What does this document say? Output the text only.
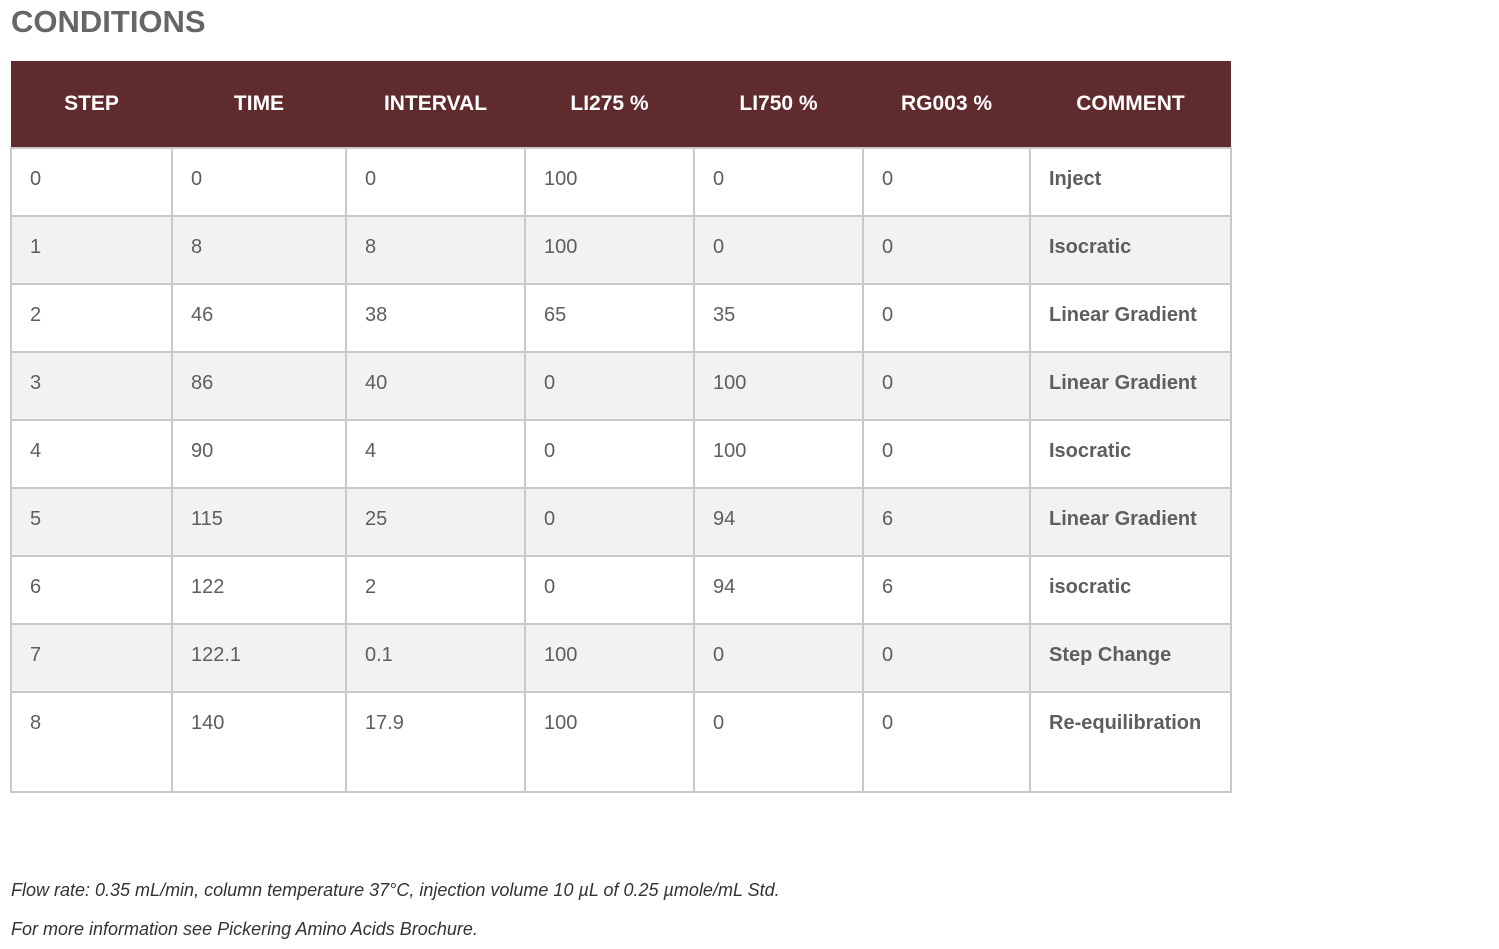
CONDITIONS
STEP	TIME	INTERVAL	LI275 %	LI750 %	RG003 %	COMMENT
0	0	0	100	0	0	Inject
1	8	8	100	0	0	Isocratic
2	46	38	65	35	0	Linear Gradient
3	86	40	0	100	0	Linear Gradient
4	90	4	0	100	0	Isocratic
5	115	25	0	94	6	Linear Gradient
6	122	2	0	94	6	isocratic
7	122.1	0.1	100	0	0	Step Change
8	140	17.9	100	0	0	Re-equilibration

Flow rate: 0.35 mL/min, column temperature 37°C, injection volume 10 µL of 0.25 µmole/mL Std.

For more information see Pickering Amino Acids Brochure.
